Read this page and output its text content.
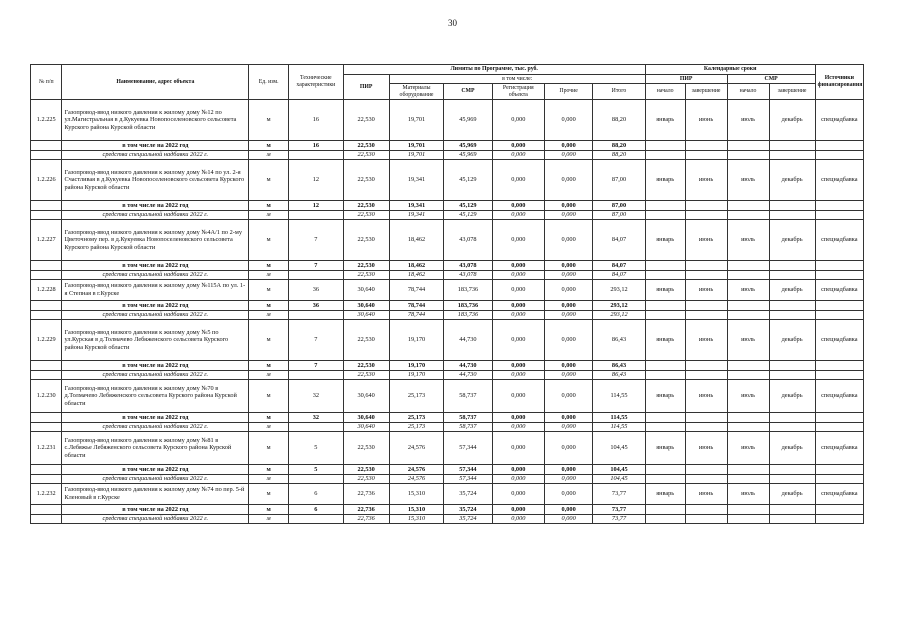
30
№ п/п	Наименование, адрес объекта	Ед. изм.	Технические характеристики	Лимиты по Программе, тыс. руб.						Календарные сроки				Источники финансирования
				ПИР	в том числе:					ПИР		СМР		
					Материалы оборудование	СМР	Регистрация объекта	Прочие	Итого	начало	завершение	начало	завершение	
1.2.225	Газопровод-ввод низкого давления к жилому дому №12 по ул.Магистральная в д.Кукуевка Новопоселеновского сельсовета Курского района Курской области	м	16	22,530	19,701	45,969	0,000	0,000	88,20	январь	июнь	июль	декабрь	спецнадбавка
	в том числе на 2022 год	м	16	22,530	19,701	45,969	0,000	0,000	88,20					
	средства специальной надбавки 2022 г.	м		22,530	19,701	45,969	0,000	0,000	88,20					
1.2.226	Газопровод-ввод низкого давления к жилому дому №14 по ул. 2-я Счастливая в д.Кукуевка Новопоселеновского сельсовета Курского района Курской области	м	12	22,530	19,341	45,129	0,000	0,000	87,00	январь	июнь	июль	декабрь	спецнадбавка
	в том числе на 2022 год	м	12	22,530	19,341	45,129	0,000	0,000	87,00					
	средства специальной надбавки 2022 г.	м		22,530	19,341	45,129	0,000	0,000	87,00					
1.2.227	Газопровод-ввод низкого давления к жилому дому №4А/1 по 2-му Цветочному пер. в д.Кукуевка Новопоселеновского сельсовета Курского района Курской области	м	7	22,530	18,462	43,078	0,000	0,000	84,07	январь	июнь	июль	декабрь	спецнадбавка
	в том числе на 2022 год	м	7	22,530	18,462	43,078	0,000	0,000	84,07					
	средства специальной надбавки 2022 г.	м		22,530	18,462	43,078	0,000	0,000	84,07					
1.2.228	Газопровод-ввод низкого давления к жилому дому №115А по ул. 1-я Степная в г.Курске	м	36	30,640	78,744	183,736	0,000	0,000	293,12	январь	июнь	июль	декабрь	спецнадбавка
	в том числе на 2022 год	м	36	30,640	78,744	183,736	0,000	0,000	293,12					
	средства специальной надбавки 2022 г.	м		30,640	78,744	183,736	0,000	0,000	293,12					
1.2.229	Газопровод-ввод низкого давления к жилому дому №5 по ул.Курская в д.Толмачево Лебяженского сельсовета Курского района Курской области	м	7	22,530	19,170	44,730	0,000	0,000	86,43	январь	июнь	июль	декабрь	спецнадбавка
	в том числе на 2022 год	м	7	22,530	19,170	44,730	0,000	0,000	86,43					
	средства специальной надбавки 2022 г.	м		22,530	19,170	44,730	0,000	0,000	86,43					
1.2.230	Газопровод-ввод низкого давления к жилому дому №70 в д.Толмачево Лебяженского сельсовета Курского района Курской области	м	32	30,640	25,173	58,737	0,000	0,000	114,55	январь	июнь	июль	декабрь	спецнадбавка
	в том числе на 2022 год	м	32	30,640	25,173	58,737	0,000	0,000	114,55					
	средства специальной надбавки 2022 г.	м		30,640	25,173	58,737	0,000	0,000	114,55					
1.2.231	Газопровод-ввод низкого давления к жилому дому №81 в с.Лебяжье Лебяженского сельсовета Курского района Курской области	м	5	22,530	24,576	57,344	0,000	0,000	104,45	январь	июнь	июль	декабрь	спецнадбавка
	в том числе на 2022 год	м	5	22,530	24,576	57,344	0,000	0,000	104,45					
	средства специальной надбавки 2022 г.	м		22,530	24,576	57,344	0,000	0,000	104,45					
1.2.232	Газопровод-ввод низкого давления к жилому дому №74 по пер. 5-й Кленовый в г.Курске	м	6	22,736	15,310	35,724	0,000	0,000	73,77	январь	июнь	июль	декабрь	спецнадбавка
	в том числе на 2022 год	м	6	22,736	15,310	35,724	0,000	0,000	73,77					
	средства специальной надбавки 2022 г.	м		22,736	15,310	35,724	0,000	0,000	73,77					
